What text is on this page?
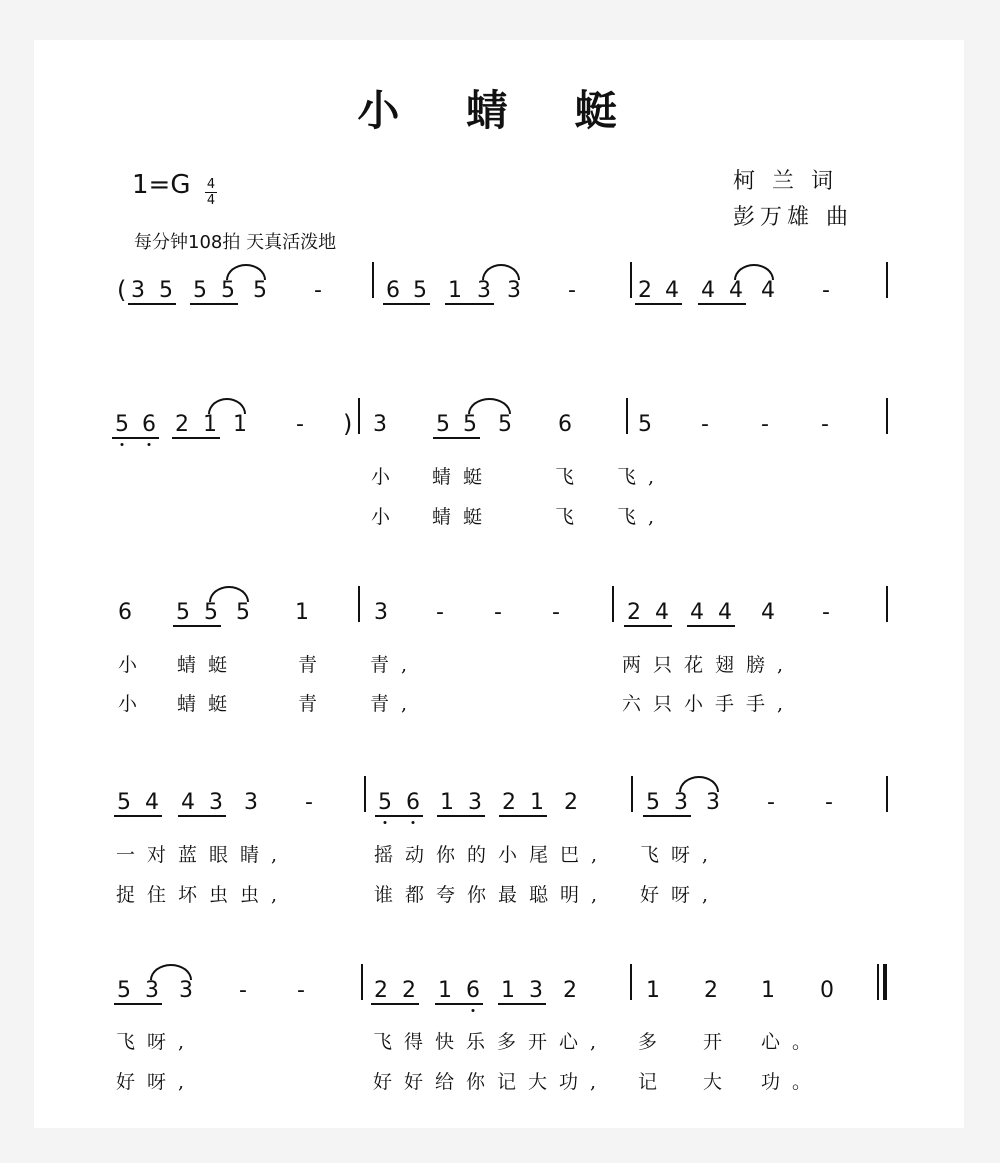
小 蜻 蜓
柯 兰 词
彭万雄 曲
$1=G \frac{4}{4}$
每分钟108拍 天真活泼地
3 5 5 5 5 -	6 5 1 3 3 -	2 4 4 4 4 -
(
5 6 2 1 1 -	3 5 5 5 6	5 - - -
)
小 蜻蜓	飞 飞,
小 蜻蜓	飞 飞,
6 5 5 5 1	3 - - -	2 4 4 4 4 -
小 蜻蜓	青 青,	两只花翅膀,
小 蜻蜓	青 青,	六只小手手,
5 4 4 3 3 -	5 6 1 3 2 1 2	5 3 3 - -
一对蓝眼睛,	摇动你的小尾巴, 飞呀,
捉住坏虫虫,	谁都夸你最聪明, 好呀,
5 3 3 - -	2 2 1 6 1 3 2	1 2 1 0
飞呀,	飞得快乐多开心, 多 开 心。
好呀,	好好给你记大功, 记 大 功。
